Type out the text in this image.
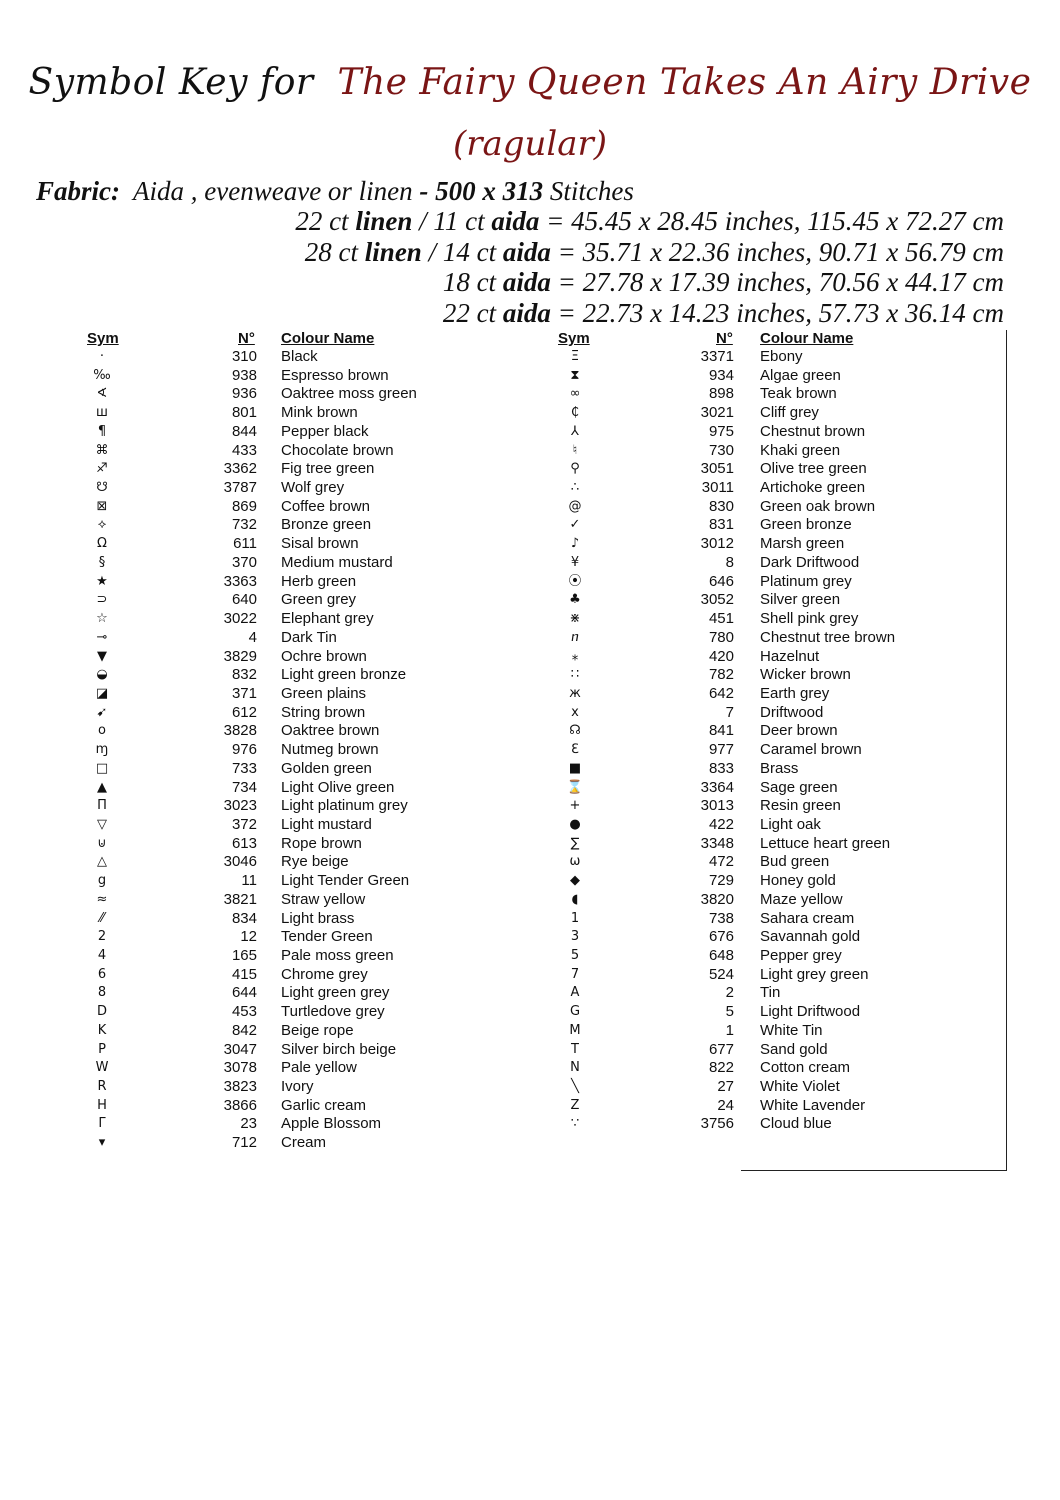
Symbol Key for The Fairy Queen Takes An Airy Drive
(ragular)
Fabric: Aida , evenweave or linen - 500 x 313 Stitches
22 ct linen / 11 ct aida = 45.45 x 28.45 inches, 115.45 x 72.27 cm
28 ct linen / 14 ct aida = 35.71 x 22.36 inches, 90.71 x 56.79 cm
18 ct aida = 27.78 x 17.39 inches, 70.56 x 44.17 cm
22 ct aida = 22.73 x 14.23 inches, 57.73 x 36.14 cm
Sym	N° Colour Name	Sym	N° Colour Name
·	310 Black
‰	938 Espresso brown
∢	936 Oaktree moss green
ш	801 Mink brown
¶	844 Pepper black
⌘	433 Chocolate brown
♐	3362 Fig tree green
☋	3787 Wolf grey
⊠	869 Coffee brown
⟡	732 Bronze green
Ω	611 Sisal brown
§	370 Medium mustard
★	3363 Herb green
⊃	640 Green grey
☆	3022 Elephant grey
⊸	4 Dark Tin
▼	3829 Ochre brown
◒	832 Light green bronze
◪	371 Green plains
➹	612 String brown
o	3828 Oaktree brown
ɱ	976 Nutmeg brown
□	733 Golden green
▲	734 Light Olive green
Π	3023 Light platinum grey
▽	372 Light mustard
⊍	613 Rope brown
△	3046 Rye beige
g	11 Light Tender Green
≈	3821 Straw yellow
⁄⁄	834 Light brass
2	12 Tender Green
4	165 Pale moss green
6	415 Chrome grey
8	644 Light green grey
D	453 Turtledove grey
K	842 Beige rope
P	3047 Silver birch beige
W	3078 Pale yellow
R	3823 Ivory
H	3866 Garlic cream
Γ	23 Apple Blossom
▾	712 Cream
Ξ	3371 Ebony
⧗	934 Algae green
∞	898 Teak brown
₵	3021 Cliff grey
⅄	975 Chestnut brown
♮	730 Khaki green
⚲	3051 Olive tree green
∴	3011 Artichoke green
@	830 Green oak brown
✓	831 Green bronze
♪	3012 Marsh green
¥	8 Dark Driftwood
⦿	646 Platinum grey
♣	3052 Silver green
⋇	451 Shell pink grey
ⴖ	780 Chestnut tree brown
⁎	420 Hazelnut
∷	782 Wicker brown
ж	642 Earth grey
x	7 Driftwood
☊	841 Deer brown
ℇ	977 Caramel brown
■	833 Brass
⌛	3364 Sage green
+	3013 Resin green
●	422 Light oak
∑	3348 Lettuce heart green
ѡ	472 Bud green
◆	729 Honey gold
◖	3820 Maze yellow
1	738 Sahara cream
3	676 Savannah gold
5	648 Pepper grey
7	524 Light grey green
A	2 Tin
G	5 Light Driftwood
M	1 White Tin
T	677 Sand gold
N	822 Cotton cream
╲	27 White Violet
Z	24 White Lavender
∵	3756 Cloud blue
